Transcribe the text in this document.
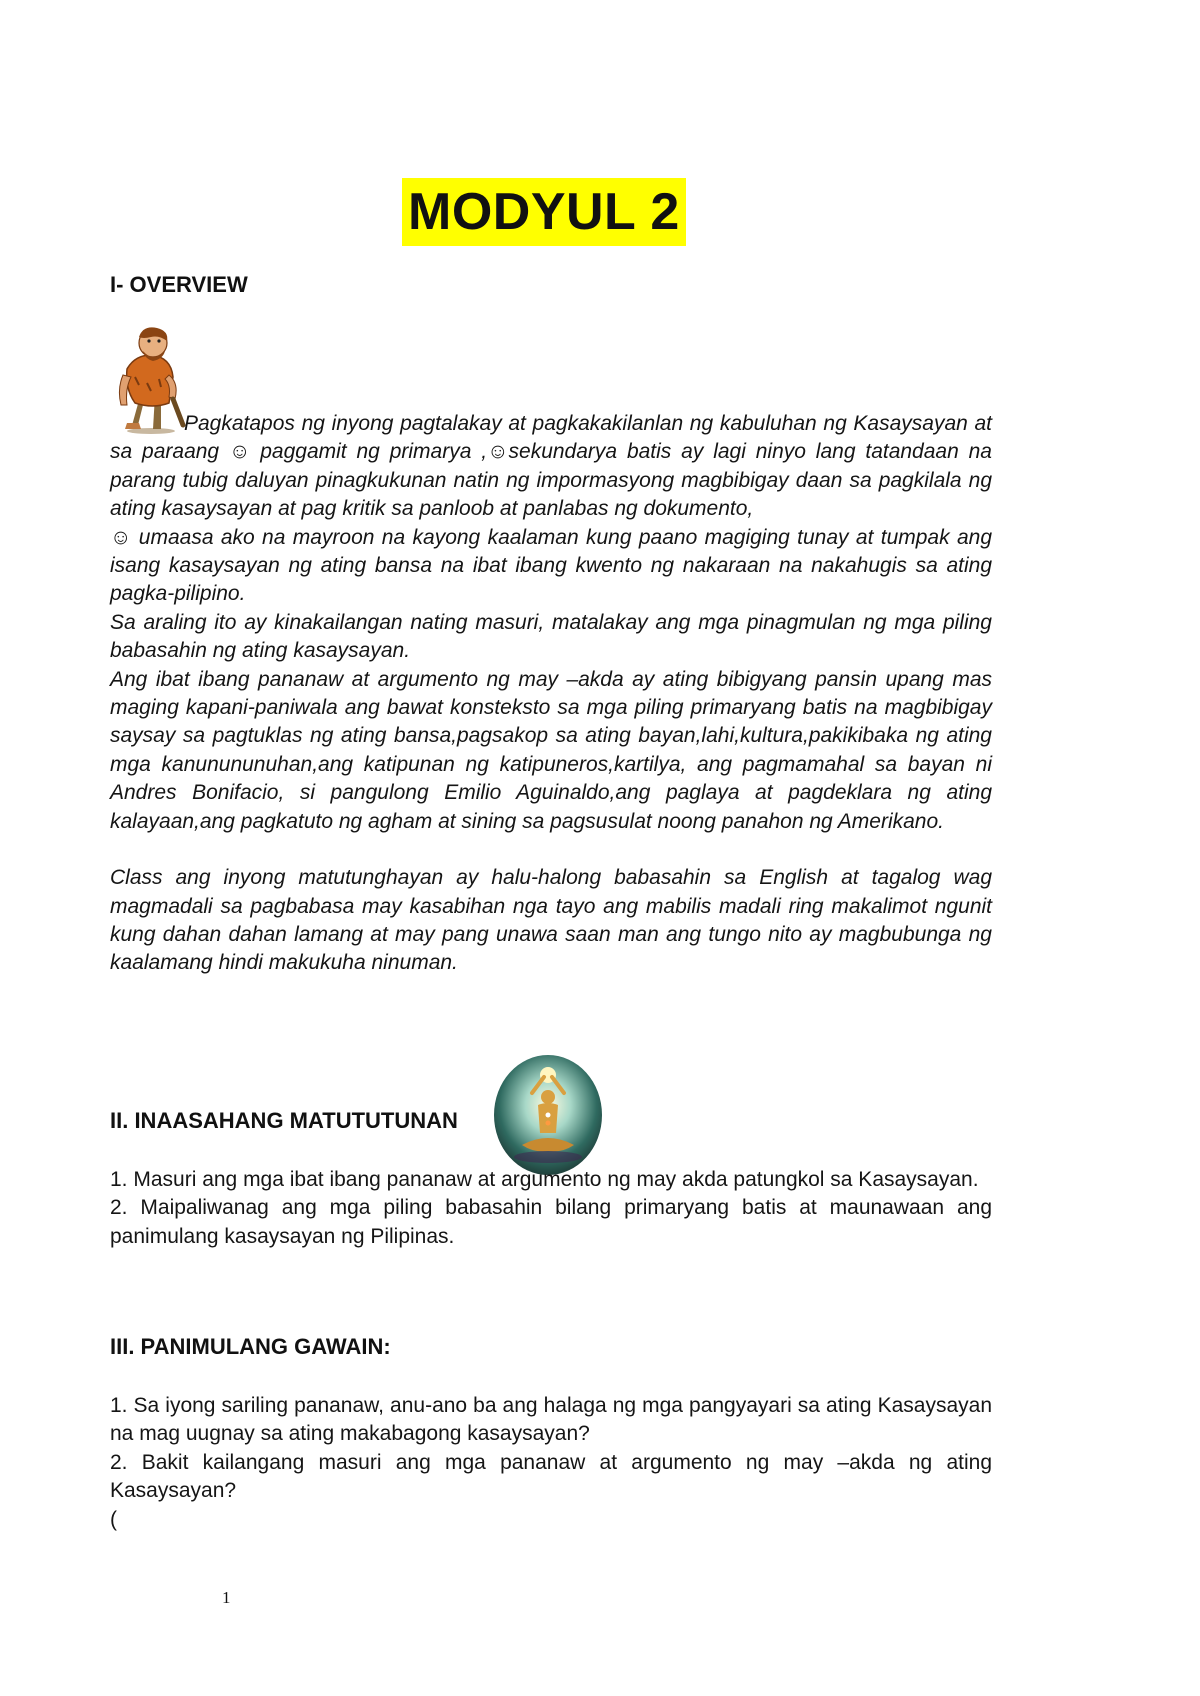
MODYUL 2
I- OVERVIEW

Pagkatapos ng inyong pagtalakay at pagkakakilanlan ng kabuluhan ng Kasaysayan at sa paraang ☺ paggamit ng primarya ,☺sekundarya batis ay lagi ninyo lang tatandaan na parang tubig daluyan pinagkukunan natin ng impormasyong magbibigay daan sa pagkilala ng ating kasaysayan at pag kritik sa panloob at panlabas ng dokumento,

☺ umaasa ako na mayroon na kayong kaalaman kung paano magiging tunay at tumpak ang isang kasaysayan ng ating bansa na ibat ibang kwento ng nakaraan na nakahugis sa ating pagka-pilipino.

Sa araling ito ay kinakailangan nating masuri, matalakay ang mga pinagmulan ng mga piling babasahin ng ating kasaysayan.

Ang ibat ibang pananaw at argumento ng may –akda ay ating bibigyang pansin upang mas maging kapani-paniwala ang bawat konsteksto sa mga piling primaryang batis na magbibigay saysay sa pagtuklas ng ating bansa,pagsakop sa ating bayan,lahi,kultura,pakikibaka ng ating mga kanunununuhan,ang katipunan ng katipuneros,kartilya, ang pagmamahal sa bayan ni Andres Bonifacio, si pangulong Emilio Aguinaldo,ang paglaya at pagdeklara ng ating kalayaan,ang pagkatuto ng agham at sining sa pagsusulat noong panahon ng Amerikano.

Class ang inyong matutunghayan ay halu-halong babasahin sa English at tagalog wag magmadali sa pagbabasa may kasabihan nga tayo ang mabilis madali ring makalimot ngunit kung dahan dahan lamang at may pang unawa saan man ang tungo nito ay magbubunga ng kaalamang hindi makukuha ninuman.

II. INAASAHANG MATUTUTUNAN

1. Masuri ang mga ibat ibang pananaw at argumento ng may akda patungkol sa Kasaysayan.

2. Maipaliwanag ang mga piling babasahin bilang primaryang batis at maunawaan ang panimulang kasaysayan ng Pilipinas.

III. PANIMULANG GAWAIN:

1. Sa iyong sariling pananaw, anu-ano ba ang halaga ng mga pangyayari sa ating Kasaysayan na mag uugnay sa ating makabagong kasaysayan?

2. Bakit kailangang masuri ang mga pananaw at argumento ng may –akda ng ating Kasaysayan?

(

1
